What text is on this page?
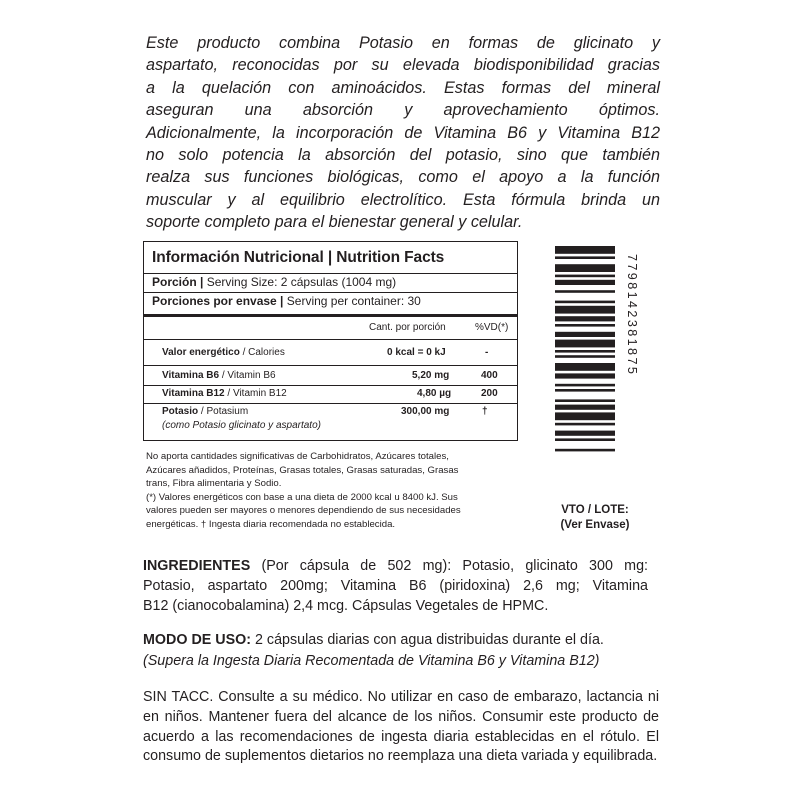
Este producto combina Potasio en formas de glicinato y
aspartato, reconocidas por su elevada biodisponibilidad gracias
a la quelación con aminoácidos. Estas formas del mineral
aseguran una absorción y aprovechamiento óptimos.
Adicionalmente, la incorporación de Vitamina B6 y Vitamina B12
no solo potencia la absorción del potasio, sino que también
realza sus funciones biológicas, como el apoyo a la función
muscular y al equilibrio electrolítico. Esta fórmula brinda un
soporte completo para el bienestar general y celular.

Información Nutricional | Nutrition Facts
Porción | Serving Size: 2 cápsulas (1004 mg)
Porciones por envase | Serving per container: 30
Cant. por porción	%VD(*)
Valor energético / Calories	0 kcal = 0 kJ	-
Vitamina B6 / Vitamin B6	5,20 mg	400
Vitamina B12 / Vitamin B12	4,80 µg	200
Potasio / Potasium	300,00 mg	†
(como Potasio glicinato y aspartato)

No aporta cantidades significativas de Carbohidratos, Azúcares totales,
Azúcares añadidos, Proteínas, Grasas totales, Grasas saturadas, Grasas
trans, Fibra alimentaria y Sodio.
(*) Valores energéticos con base a una dieta de 2000 kcal u 8400 kJ. Sus
valores pueden ser mayores o menores dependiendo de sus necesidades
energéticas. † Ingesta diaria recomendada no establecida.

7798142381875
VTO / LOTE:
(Ver Envase)

INGREDIENTES (Por cápsula de 502 mg): Potasio, glicinato 300 mg:
Potasio, aspartato 200mg; Vitamina B6 (piridoxina) 2,6 mg; Vitamina
B12 (cianocobalamina) 2,4 mcg. Cápsulas Vegetales de HPMC.

MODO DE USO: 2 cápsulas diarias con agua distribuidas durante el día.
(Supera la Ingesta Diaria Recomentada de Vitamina B6 y Vitamina B12)

SIN TACC. Consulte a su médico. No utilizar en caso de embarazo, lactancia ni
en niños. Mantener fuera del alcance de los niños. Consumir este producto de
acuerdo a las recomendaciones de ingesta diaria establecidas en el rótulo. El
consumo de suplementos dietarios no reemplaza una dieta variada y equilibrada.
